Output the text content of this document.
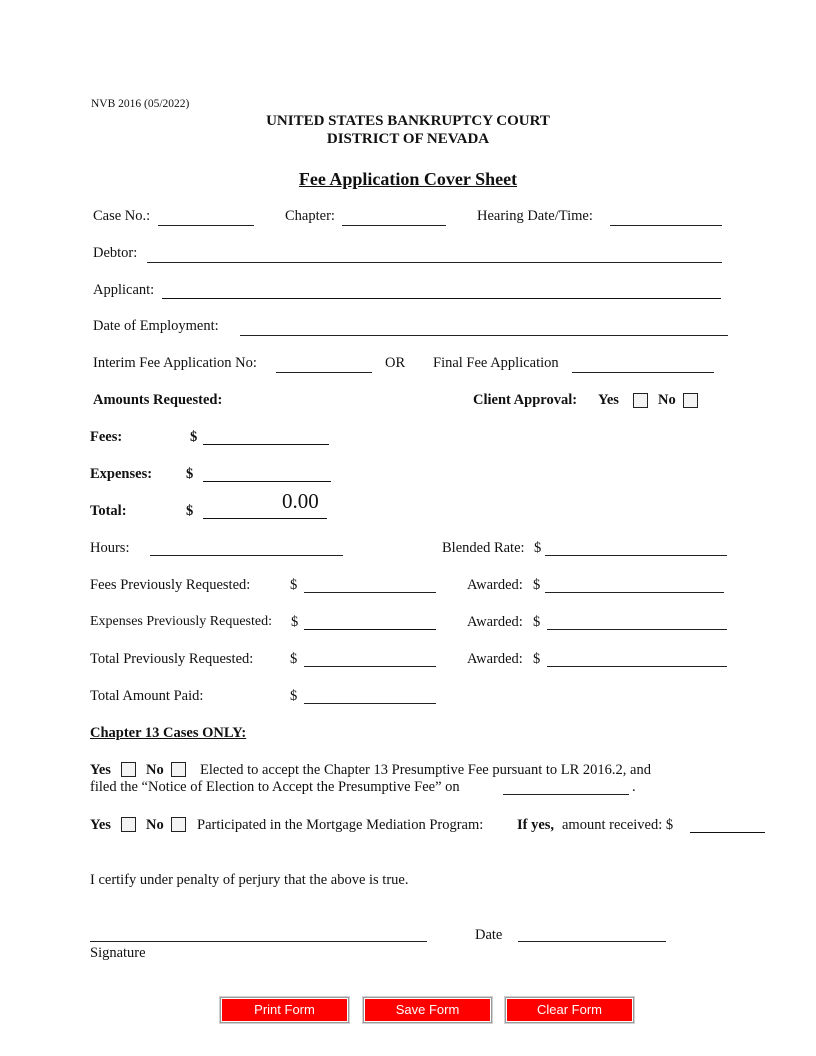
NVB 2016 (05/2022)
UNITED STATES BANKRUPTCY COURT
DISTRICT OF NEVADA
Fee Application Cover Sheet
Case No.:	Chapter:	Hearing Date/Time:
Debtor:
Applicant:
Date of Employment:
Interim Fee Application No:	OR Final Fee Application
Amounts Requested:	Client Approval: Yes	No
Fees:	$
Expenses: $
Total:	$	0.00
Hours:	Blended Rate: $
Fees Previously Requested:	$	Awarded: $
Expenses Previously Requested: $	Awarded: $
Total Previously Requested:	$	Awarded: $
Total Amount Paid:	$
Chapter 13 Cases ONLY:
Yes No	Elected to accept the Chapter 13 Presumptive Fee pursuant to LR 2016.2, and
filed the “Notice of Election to Accept the Presumptive Fee” on	.
Yes No Participated in the Mortgage Mediation Program: If yes, amount received: $
I certify under penalty of perjury that the above is true.
Signature
Date
Print Form	Save Form	Clear Form
